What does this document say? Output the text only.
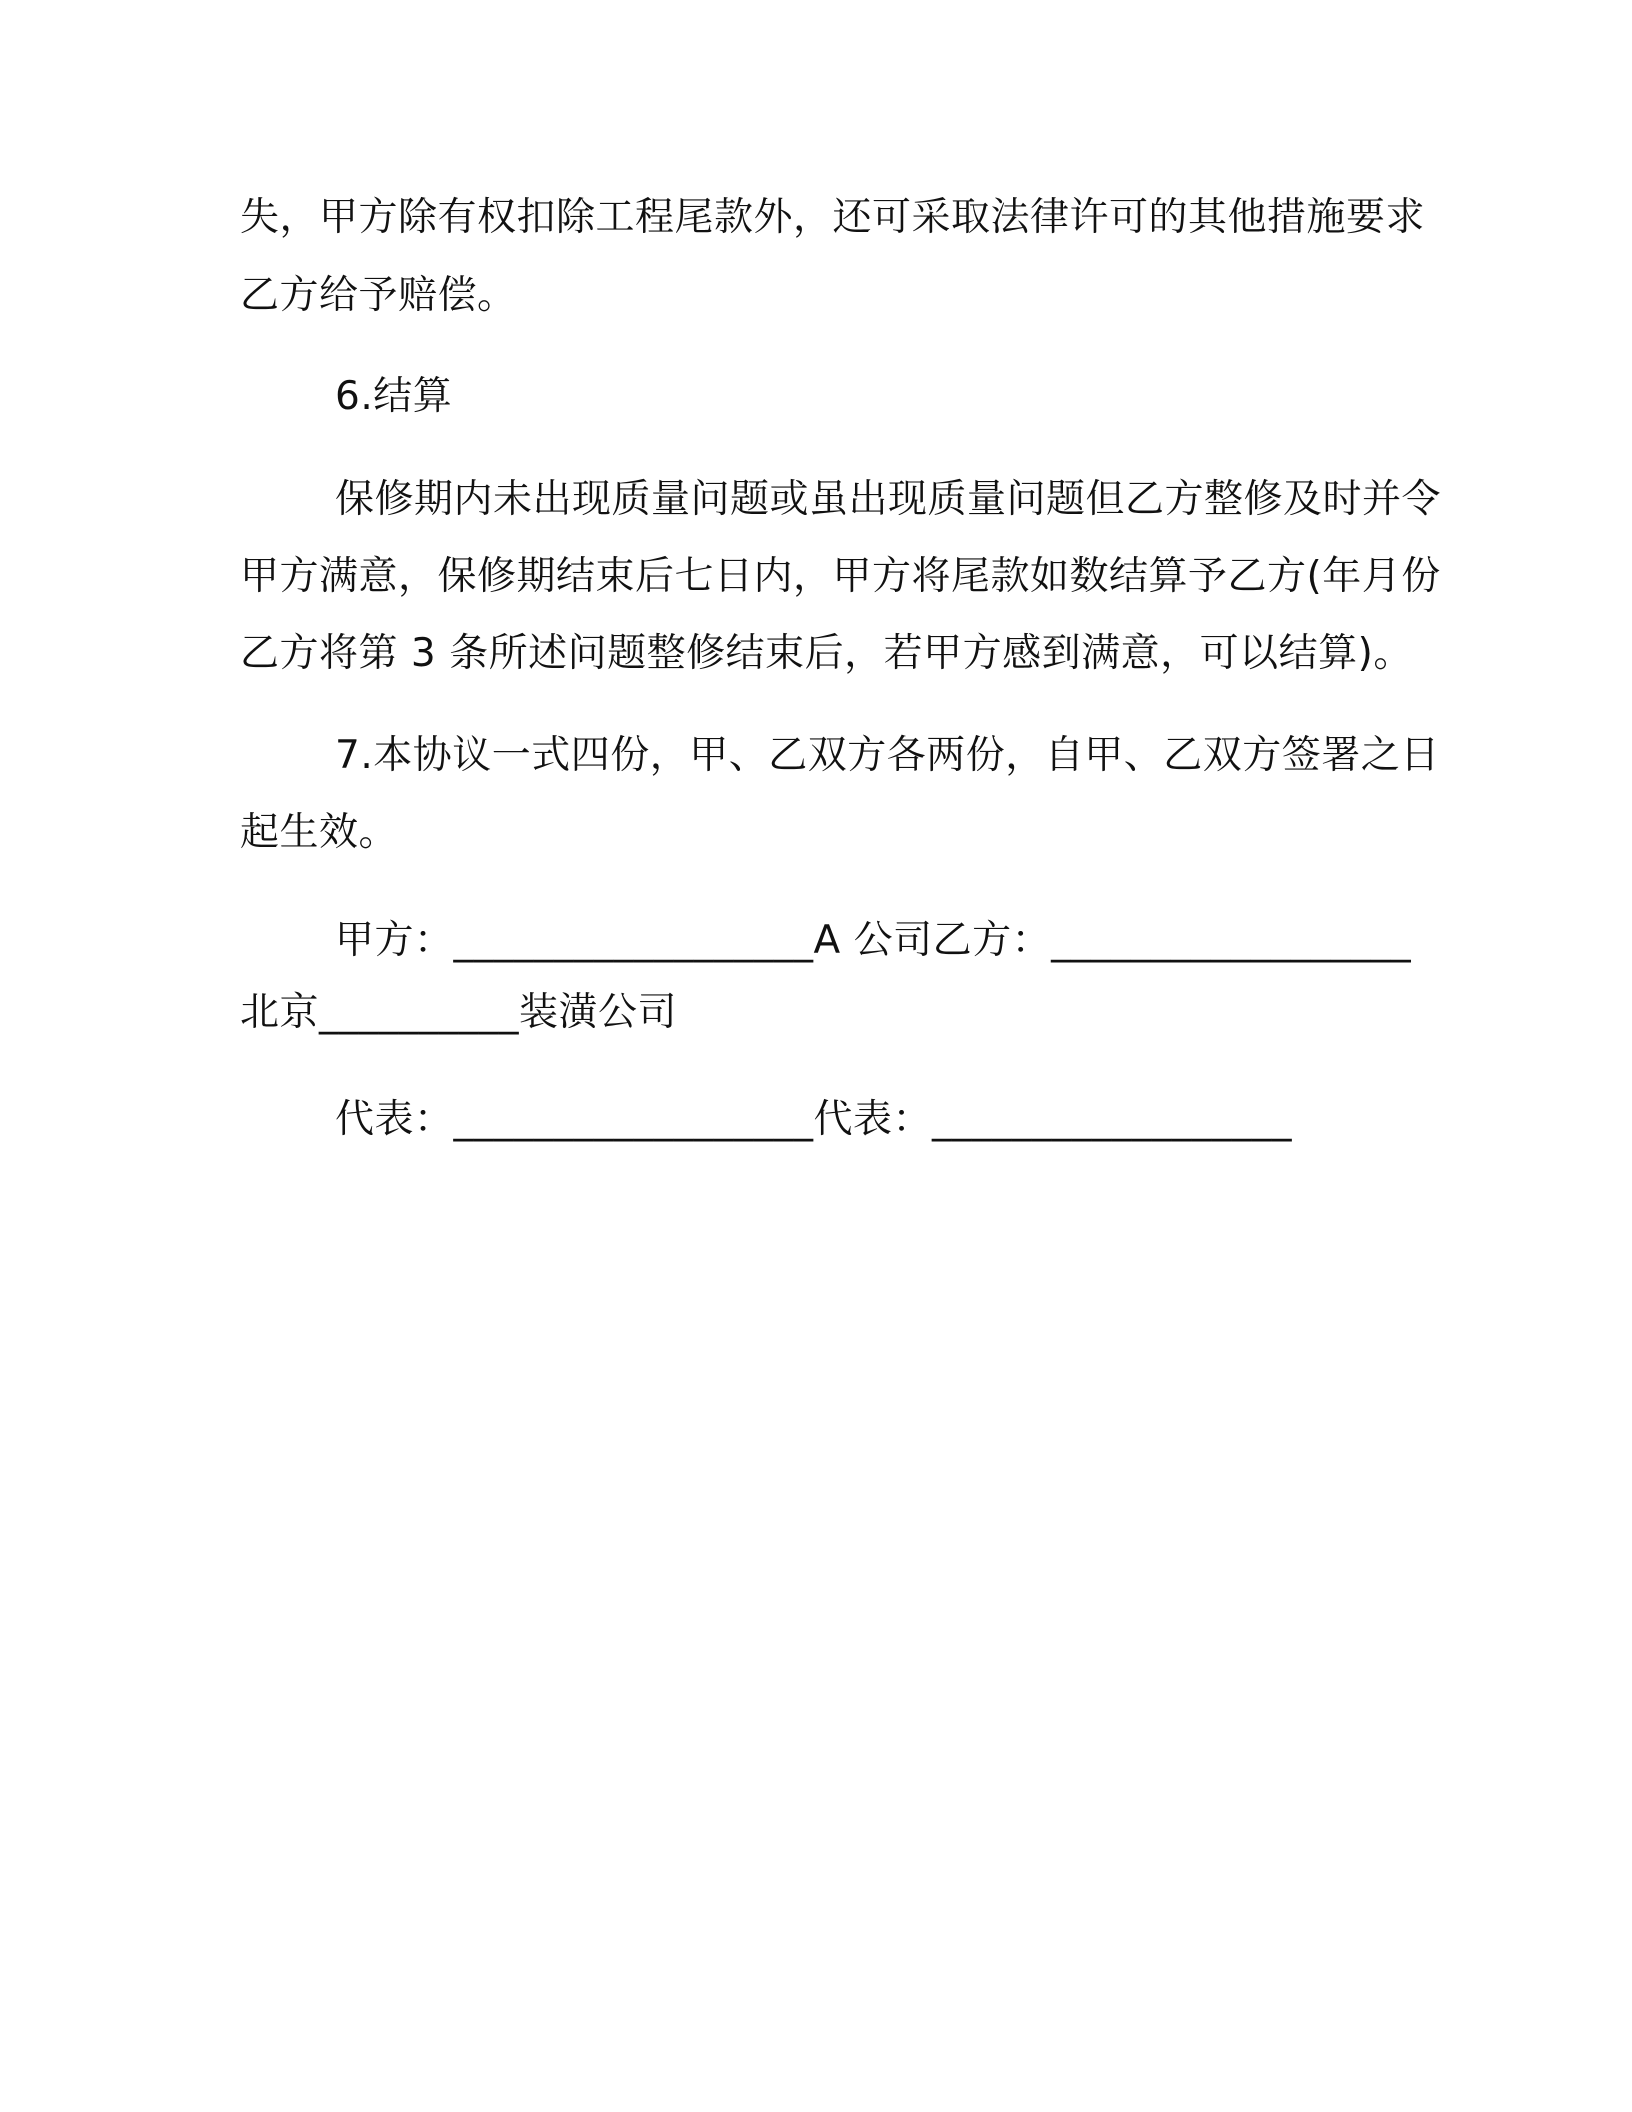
失，甲方除有权扣除工程尾款外，还可采取法律许可的其他措施要求
乙方给予赔偿。
6.结算
保修期内未出现质量问题或虽出现质量问题但乙方整修及时并令
甲方满意，保修期结束后七日内，甲方将尾款如数结算予乙方(年月份
乙方将第 3 条所述问题整修结束后，若甲方感到满意，可以结算)。
7.本协议一式四份，甲、乙双方各两份，自甲、乙双方签署之日
起生效。
甲方：__________________A 公司乙方：__________________
北京__________装潢公司
代表：__________________代表：__________________
